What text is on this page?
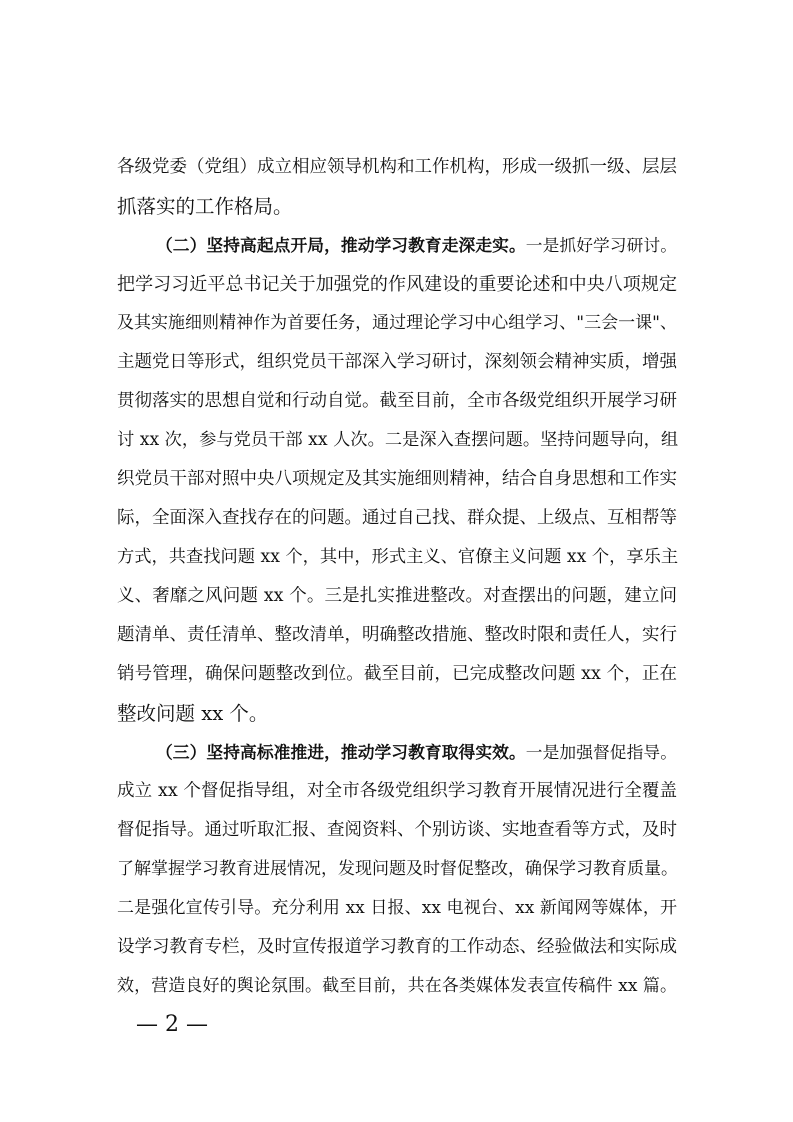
各级党委（党组）成立相应领导机构和工作机构，形成一级抓一级、层层
抓落实的工作格局。
（二）坚持高起点开局，推动学习教育走深走实。一是抓好学习研讨。
把学习习近平总书记关于加强党的作风建设的重要论述和中央八项规定
及其实施细则精神作为首要任务，通过理论学习中心组学习、"三会一课"、
主题党日等形式，组织党员干部深入学习研讨，深刻领会精神实质，增强
贯彻落实的思想自觉和行动自觉。截至目前，全市各级党组织开展学习研
讨 xx 次，参与党员干部 xx 人次。二是深入查摆问题。坚持问题导向，组
织党员干部对照中央八项规定及其实施细则精神，结合自身思想和工作实
际，全面深入查找存在的问题。通过自己找、群众提、上级点、互相帮等
方式，共查找问题 xx 个，其中，形式主义、官僚主义问题 xx 个，享乐主
义、奢靡之风问题 xx 个。三是扎实推进整改。对查摆出的问题，建立问
题清单、责任清单、整改清单，明确整改措施、整改时限和责任人，实行
销号管理，确保问题整改到位。截至目前，已完成整改问题 xx 个，正在
整改问题 xx 个。
（三）坚持高标准推进，推动学习教育取得实效。一是加强督促指导。
成立 xx 个督促指导组，对全市各级党组织学习教育开展情况进行全覆盖
督促指导。通过听取汇报、查阅资料、个别访谈、实地查看等方式，及时
了解掌握学习教育进展情况，发现问题及时督促整改，确保学习教育质量。
二是强化宣传引导。充分利用 xx 日报、xx 电视台、xx 新闻网等媒体，开
设学习教育专栏，及时宣传报道学习教育的工作动态、经验做法和实际成
效，营造良好的舆论氛围。截至目前，共在各类媒体发表宣传稿件 xx 篇。
— 2 —
